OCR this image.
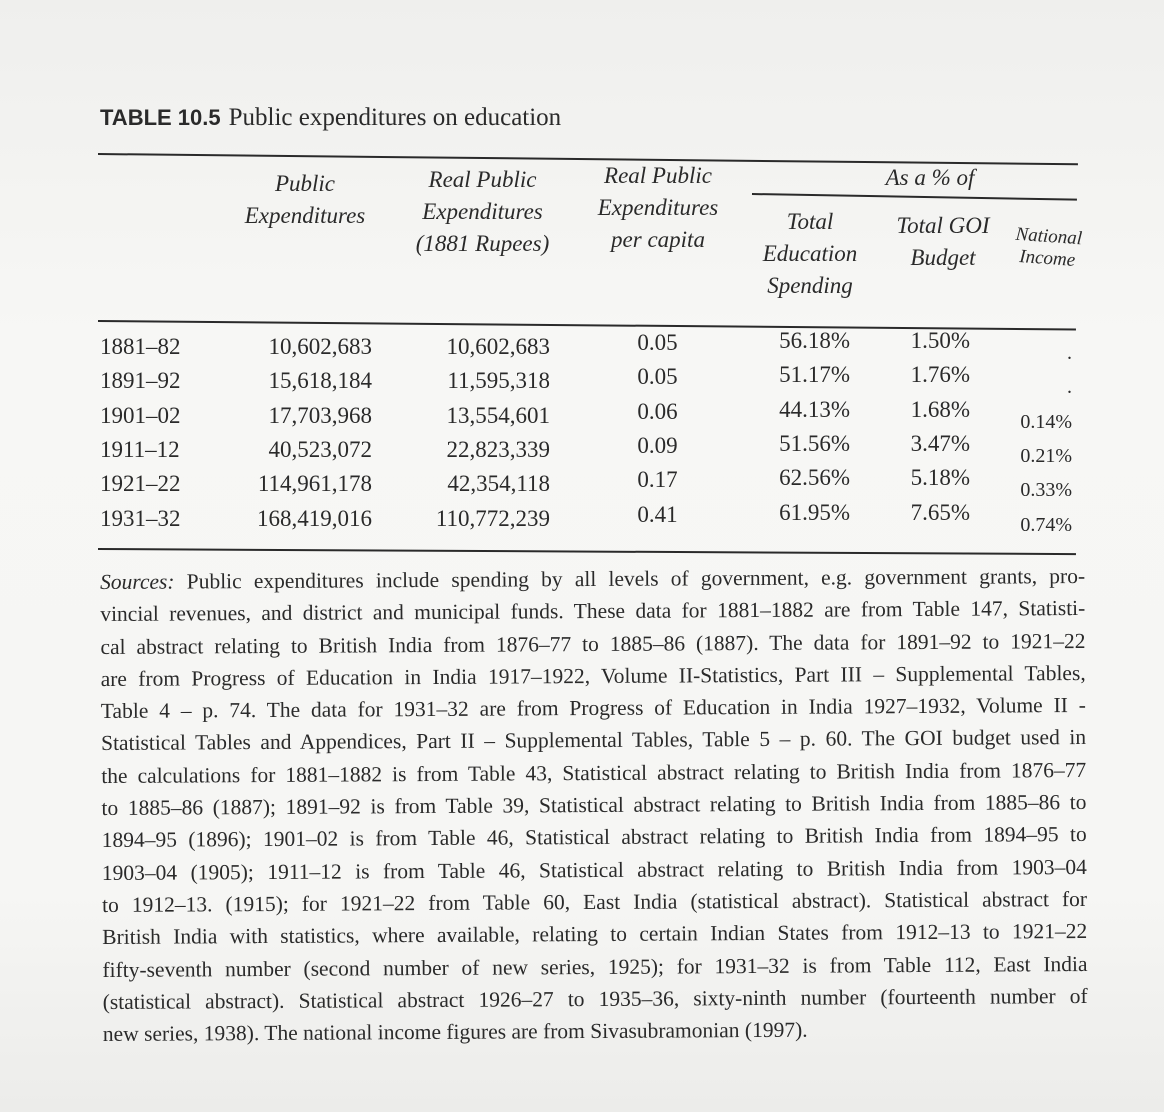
TABLE 10.5 Public expenditures on education
Public
Expenditures
Real Public
Expenditures
(1881 Rupees)
Real Public
Expenditures
per capita
As a % of
Total
Education
Spending
Total GOI
Budget
National
Income
1881–82	10,602,683	10,602,683	0.05	56.18%	1.50%	.
1891–92	15,618,184	11,595,318	0.05	51.17%	1.76%	.
1901–02	17,703,968	13,554,601	0.06	44.13%	1.68%	0.14%
1911–12	40,523,072	22,823,339	0.09	51.56%	3.47%	0.21%
1921–22	114,961,178	42,354,118	0.17	62.56%	5.18%	0.33%
1931–32	168,419,016	110,772,239	0.41	61.95%	7.65%	0.74%
Sources: Public expenditures include spending by all levels of government, e.g. government grants, pro-
vincial revenues, and district and municipal funds. These data for 1881–1882 are from Table 147, Statisti-
cal abstract relating to British India from 1876–77 to 1885–86 (1887). The data for 1891–92 to 1921–22
are from Progress of Education in India 1917–1922, Volume II-Statistics, Part III – Supplemental Tables,
Table 4 – p. 74. The data for 1931–32 are from Progress of Education in India 1927–1932, Volume II -
Statistical Tables and Appendices, Part II – Supplemental Tables, Table 5 – p. 60. The GOI budget used in
the calculations for 1881–1882 is from Table 43, Statistical abstract relating to British India from 1876–77
to 1885–86 (1887); 1891–92 is from Table 39, Statistical abstract relating to British India from 1885–86 to
1894–95 (1896); 1901–02 is from Table 46, Statistical abstract relating to British India from 1894–95 to
1903–04 (1905); 1911–12 is from Table 46, Statistical abstract relating to British India from 1903–04
to 1912–13. (1915); for 1921–22 from Table 60, East India (statistical abstract). Statistical abstract for
British India with statistics, where available, relating to certain Indian States from 1912–13 to 1921–22
fifty-seventh number (second number of new series, 1925); for 1931–32 is from Table 112, East India
(statistical abstract). Statistical abstract 1926–27 to 1935–36, sixty-ninth number (fourteenth number of
new series, 1938). The national income figures are from Sivasubramonian (1997).
